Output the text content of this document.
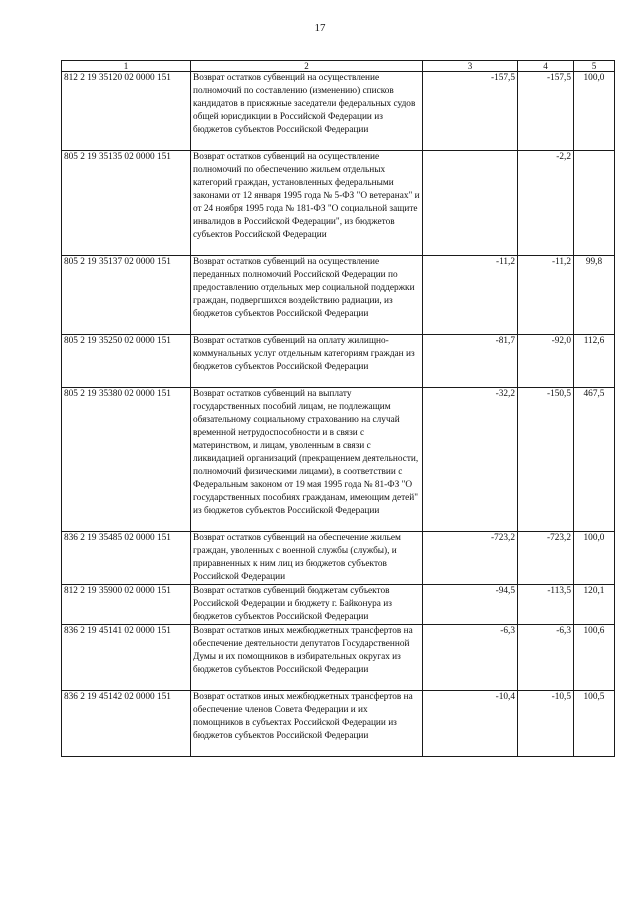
17
1	2	3	4	5
812 2 19 35120 02 0000 151	Возврат остатков субвенций на осуществление полномочий по составлению (изменению) списков кандидатов в присяжные заседатели федеральных судов общей юрисдикции в Российской Федерации из бюджетов субъектов Российской Федерации	-157,5	-157,5	100,0
805 2 19 35135 02 0000 151	Возврат остатков субвенций на осуществление полномочий по обеспечению жильем отдельных категорий граждан, установленных федеральными законами от 12 января 1995 года № 5-ФЗ "О ветеранах" и от 24 ноября 1995 года № 181-ФЗ "О социальной защите инвалидов в Российской Федерации", из бюджетов субъектов Российской Федерации		-2,2	
805 2 19 35137 02 0000 151	Возврат остатков субвенций на осуществление переданных полномочий Российской Федерации по предоставлению отдельных мер социальной поддержки граждан, подвергшихся воздействию радиации, из бюджетов субъектов Российской Федерации	-11,2	-11,2	99,8
805 2 19 35250 02 0000 151	Возврат остатков субвенций на оплату жилищно-коммунальных услуг отдельным категориям граждан из бюджетов субъектов Российской Федерации	-81,7	-92,0	112,6
805 2 19 35380 02 0000 151	Возврат остатков субвенций на выплату государственных пособий лицам, не подлежащим обязательному социальному страхованию на случай временной нетрудоспособности и в связи с материнством, и лицам, уволенным в связи с ликвидацией организаций (прекращением деятельности, полномочий физическими лицами), в соответствии с Федеральным законом от 19 мая 1995 года № 81-ФЗ "О государственных пособиях гражданам, имеющим детей" из бюджетов субъектов Российской Федерации	-32,2	-150,5	467,5
836 2 19 35485 02 0000 151	Возврат остатков субвенций на обеспечение жильем граждан, уволенных с военной службы (службы), и приравненных к ним лиц из бюджетов субъектов Российской Федерации	-723,2	-723,2	100,0
812 2 19 35900 02 0000 151	Возврат остатков субвенций бюджетам субъектов Российской Федерации и бюджету г. Байконура из бюджетов субъектов Российской Федерации	-94,5	-113,5	120,1
836 2 19 45141 02 0000 151	Возврат остатков иных межбюджетных трансфертов на обеспечение деятельности депутатов Государственной Думы и их помощников в избирательных округах из бюджетов субъектов Российской Федерации	-6,3	-6,3	100,6
836 2 19 45142 02 0000 151	Возврат остатков иных межбюджетных трансфертов на обеспечение членов Совета Федерации и их помощников в субъектах Российской Федерации из бюджетов субъектов Российской Федерации	-10,4	-10,5	100,5
